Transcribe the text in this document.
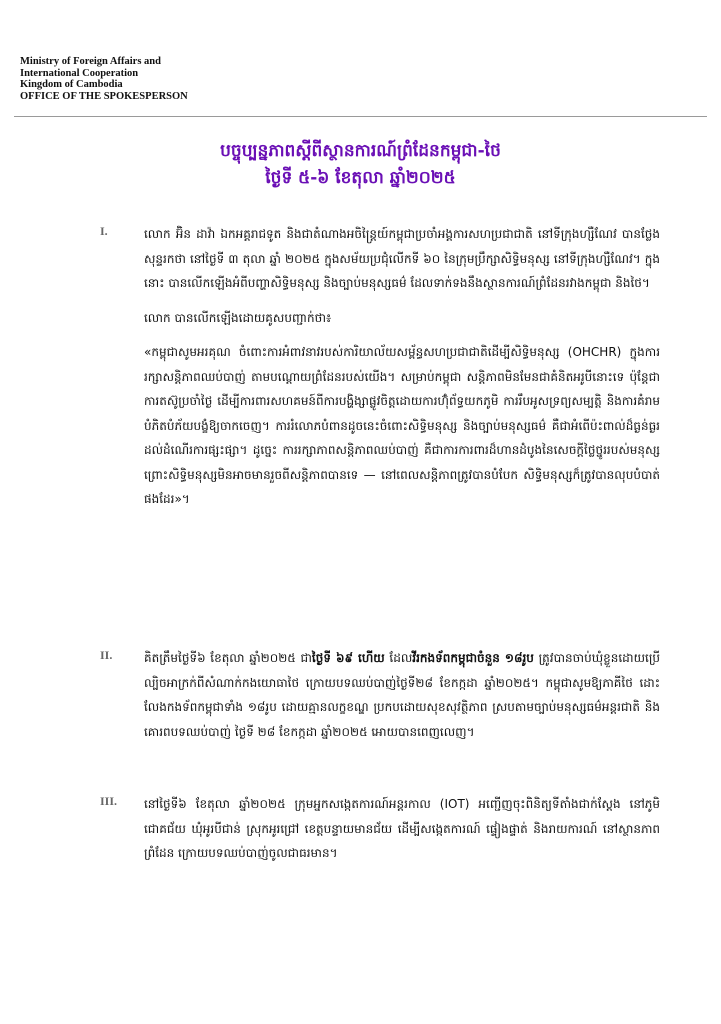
Ministry of Foreign Affairs and
International Cooperation
Kingdom of Cambodia
OFFICE OF THE SPOKESPERSON
បច្ចុប្បន្នភាពស្តីពីស្ថានការណ៍ព្រំដែនកម្ពុជា-ថៃ
ថ្ងៃទី ៥-៦ ខែតុលា ឆ្នាំ២០២៥
I.	លោក អ៊ិន ដាវ៉ា ឯកអគ្គរាជទូត និងជាតំណាងអចិន្ត្រៃយ៍កម្ពុជាប្រចាំអង្គការសហប្រជាជាតិ នៅទីក្រុងហ្សឺណែវ បានថ្លែងសុន្ទរកថា នៅថ្ងៃទី ៣ តុលា ឆ្នាំ ២០២៥ ក្នុងសម័យប្រជុំលើកទី ៦០ នៃក្រុមប្រឹក្សាសិទ្ធិមនុស្ស នៅទីក្រុងហ្សឺណែវ។ ក្នុងនោះ បានលើកឡើងអំពីបញ្ហាសិទ្ធិមនុស្ស និងច្បាប់មនុស្សធម៌ ដែលទាក់ទងនឹងស្ថានការណ៍ព្រំដែនរវាងកម្ពុជា និងថៃ។

លោក បានលើកឡើងដោយគូសបញ្ជាក់ថា៖

«កម្ពុជាសូមអរគុណ ចំពោះការអំពាវនាវរបស់ការិយាល័យសម្ព័ន្ធសហប្រជាជាតិដើម្បីសិទ្ធិមនុស្ស (OHCHR) ក្នុងការរក្សាសន្តិភាពឈប់បាញ់ តាមបណ្តោយព្រំដែនរបស់យើង។ សម្រាប់កម្ពុជា សន្តិភាពមិនមែនជាគំនិតអរូបីនោះទេ ប៉ុន្តែជាការតស៊ូប្រចាំថ្ងៃ ដើម្បីការពារសហគមន៍ពីការបង្ហិង្សាផ្លូវចិត្តដោយការហ៊ុំព័ទ្ធយកភូមិ ការរឹបអូសទ្រព្យសម្បត្តិ និងការគំរាមបំភិតបំភ័យបង្ខំឱ្យចាកចេញ។ ការរំលោភបំពានដូចនេះចំពោះសិទ្ធិមនុស្ស និងច្បាប់មនុស្សធម៌ គឺជាអំពើប៉ះពាល់ដ៏ធ្ងន់ធ្ងរ ដល់ដំណើរការផ្សះផ្សា។ ដូច្នេះ ការរក្សាភាពសន្តិភាពឈប់បាញ់ គឺជាការការពារដ៏ហានដំបូងនៃសេចក្តីថ្លៃថ្នូររបស់មនុស្ស ព្រោះសិទ្ធិមនុស្សមិនអាចមានរួចពីសន្តិភាពបានទេ — នៅពេលសន្តិភាពត្រូវបានបំបែក សិទ្ធិមនុស្សក៏ត្រូវបានលុបបំបាត់ផងដែរ»។

II.	គិតត្រឹមថ្ងៃទី៦ ខែតុលា ឆ្នាំ២០២៥ ជាថ្ងៃទី ៦៩ ហើយ ដែលវីរកងទ័ពកម្ពុជាចំនួន ១៨រូប ត្រូវបានចាប់ឃុំខ្លួនដោយប្រើល្បិចអាក្រក់ពីសំណាក់កងយោធាថៃ ក្រោយបទឈប់បាញ់ថ្ងៃទី២៨ ខែកក្កដា ឆ្នាំ២០២៥។ កម្ពុជាសូមឱ្យភាគីថៃ ដោះលែងកងទ័ពកម្ពុជាទាំង ១៨រូប ដោយគ្មានលក្ខខណ្ឌ ប្រកបដោយសុខសុវត្ថិភាព ស្របតាមច្បាប់មនុស្សធម៌អន្តរជាតិ និងគោរពបទឈប់បាញ់ ថ្ងៃទី ២៨ ខែកក្កដា ឆ្នាំ២០២៥ អោយបានពេញលេញ។

III. នៅថ្ងៃទី៦ ខែតុលា ឆ្នាំ២០២៥ ក្រុមអ្នកសង្កេតការណ៍អន្តរកាល (IOT) អញ្ជើញចុះពិនិត្យទីតាំងជាក់ស្តែង នៅភូមិជោគជ័យ ឃុំអូរបីជាន់ ស្រុកអូរជ្រៅ ខេត្តបន្ទាយមានជ័យ ដើម្បីសង្កេតការណ៍ ផ្ទៀងផ្ទាត់ និងរាយការណ៍ នៅស្ថានភាពព្រំដែន ក្រោយបទឈប់បាញ់ចូលជាធរមាន។
